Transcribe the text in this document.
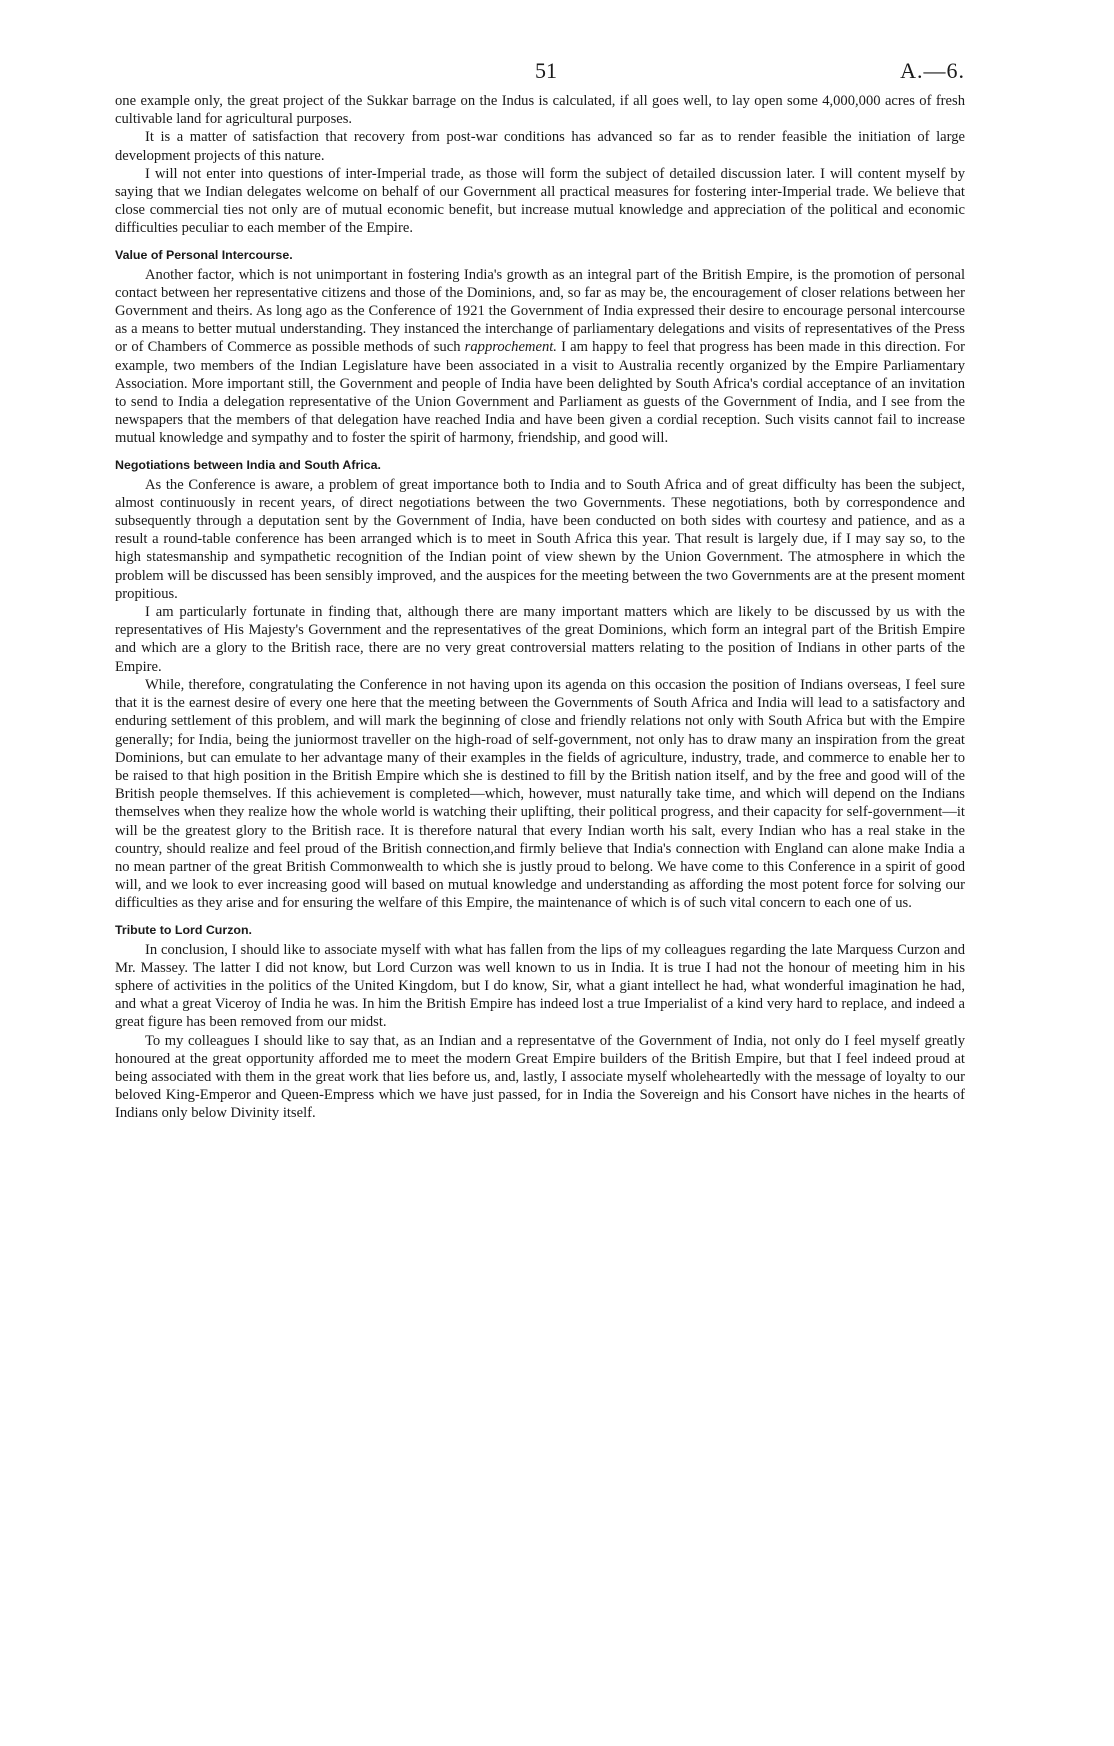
51	A.—6.

one example only, the great project of the Sukkar barrage on the Indus is calculated, if all goes well, to lay open some 4,000,000 acres of fresh cultivable land for agricultural purposes.

It is a matter of satisfaction that recovery from post-war conditions has advanced so far as to render feasible the initiation of large development projects of this nature.

I will not enter into questions of inter-Imperial trade, as those will form the subject of detailed discussion later. I will content myself by saying that we Indian delegates welcome on behalf of our Government all practical measures for fostering inter-Imperial trade. We believe that close commercial ties not only are of mutual economic benefit, but increase mutual knowledge and appreciation of the political and economic difficulties peculiar to each member of the Empire.

Value of Personal Intercourse.

Another factor, which is not unimportant in fostering India's growth as an integral part of the British Empire, is the promotion of personal contact between her representative citizens and those of the Dominions, and, so far as may be, the encouragement of closer relations between her Government and theirs. As long ago as the Conference of 1921 the Government of India expressed their desire to encourage personal intercourse as a means to better mutual understanding. They instanced the interchange of parliamentary delegations and visits of representatives of the Press or of Chambers of Commerce as possible methods of such rapprochement. I am happy to feel that progress has been made in this direction. For example, two members of the Indian Legislature have been associated in a visit to Australia recently organized by the Empire Parliamentary Association. More important still, the Government and people of India have been delighted by South Africa's cordial acceptance of an invitation to send to India a delegation representative of the Union Government and Parliament as guests of the Government of India, and I see from the newspapers that the members of that delegation have reached India and have been given a cordial reception. Such visits cannot fail to increase mutual knowledge and sympathy and to foster the spirit of harmony, friendship, and good will.

Negotiations between India and South Africa.

As the Conference is aware, a problem of great importance both to India and to South Africa and of great difficulty has been the subject, almost continuously in recent years, of direct negotiations between the two Governments. These negotiations, both by correspondence and subsequently through a deputation sent by the Government of India, have been conducted on both sides with courtesy and patience, and as a result a round-table conference has been arranged which is to meet in South Africa this year. That result is largely due, if I may say so, to the high statesmanship and sympathetic recognition of the Indian point of view shewn by the Union Government. The atmosphere in which the problem will be discussed has been sensibly improved, and the auspices for the meeting between the two Governments are at the present moment propitious.

I am particularly fortunate in finding that, although there are many important matters which are likely to be discussed by us with the representatives of His Majesty's Government and the representatives of the great Dominions, which form an integral part of the British Empire and which are a glory to the British race, there are no very great controversial matters relating to the position of Indians in other parts of the Empire.

While, therefore, congratulating the Conference in not having upon its agenda on this occasion the position of Indians overseas, I feel sure that it is the earnest desire of every one here that the meeting between the Governments of South Africa and India will lead to a satisfactory and enduring settlement of this problem, and will mark the beginning of close and friendly relations not only with South Africa but with the Empire generally; for India, being the juniormost traveller on the high-road of self-government, not only has to draw many an inspiration from the great Dominions, but can emulate to her advantage many of their examples in the fields of agriculture, industry, trade, and commerce to enable her to be raised to that high position in the British Empire which she is destined to fill by the British nation itself, and by the free and good will of the British people themselves. If this achievement is completed—which, however, must naturally take time, and which will depend on the Indians themselves when they realize how the whole world is watching their uplifting, their political progress, and their capacity for self-government—it will be the greatest glory to the British race. It is therefore natural that every Indian worth his salt, every Indian who has a real stake in the country, should realize and feel proud of the British connection,and firmly believe that India's connection with England can alone make India a no mean partner of the great British Commonwealth to which she is justly proud to belong. We have come to this Conference in a spirit of good will, and we look to ever increasing good will based on mutual knowledge and understanding as affording the most potent force for solving our difficulties as they arise and for ensuring the welfare of this Empire, the maintenance of which is of such vital concern to each one of us.

Tribute to Lord Curzon.

In conclusion, I should like to associate myself with what has fallen from the lips of my colleagues regarding the late Marquess Curzon and Mr. Massey. The latter I did not know, but Lord Curzon was well known to us in India. It is true I had not the honour of meeting him in his sphere of activities in the politics of the United Kingdom, but I do know, Sir, what a giant intellect he had, what wonderful imagination he had, and what a great Viceroy of India he was. In him the British Empire has indeed lost a true Imperialist of a kind very hard to replace, and indeed a great figure has been removed from our midst.

To my colleagues I should like to say that, as an Indian and a representatve of the Government of India, not only do I feel myself greatly honoured at the great opportunity afforded me to meet the modern Great Empire builders of the British Empire, but that I feel indeed proud at being associated with them in the great work that lies before us, and, lastly, I associate myself wholeheartedly with the message of loyalty to our beloved King-Emperor and Queen-Empress which we have just passed, for in India the Sovereign and his Consort have niches in the hearts of Indians only below Divinity itself.
